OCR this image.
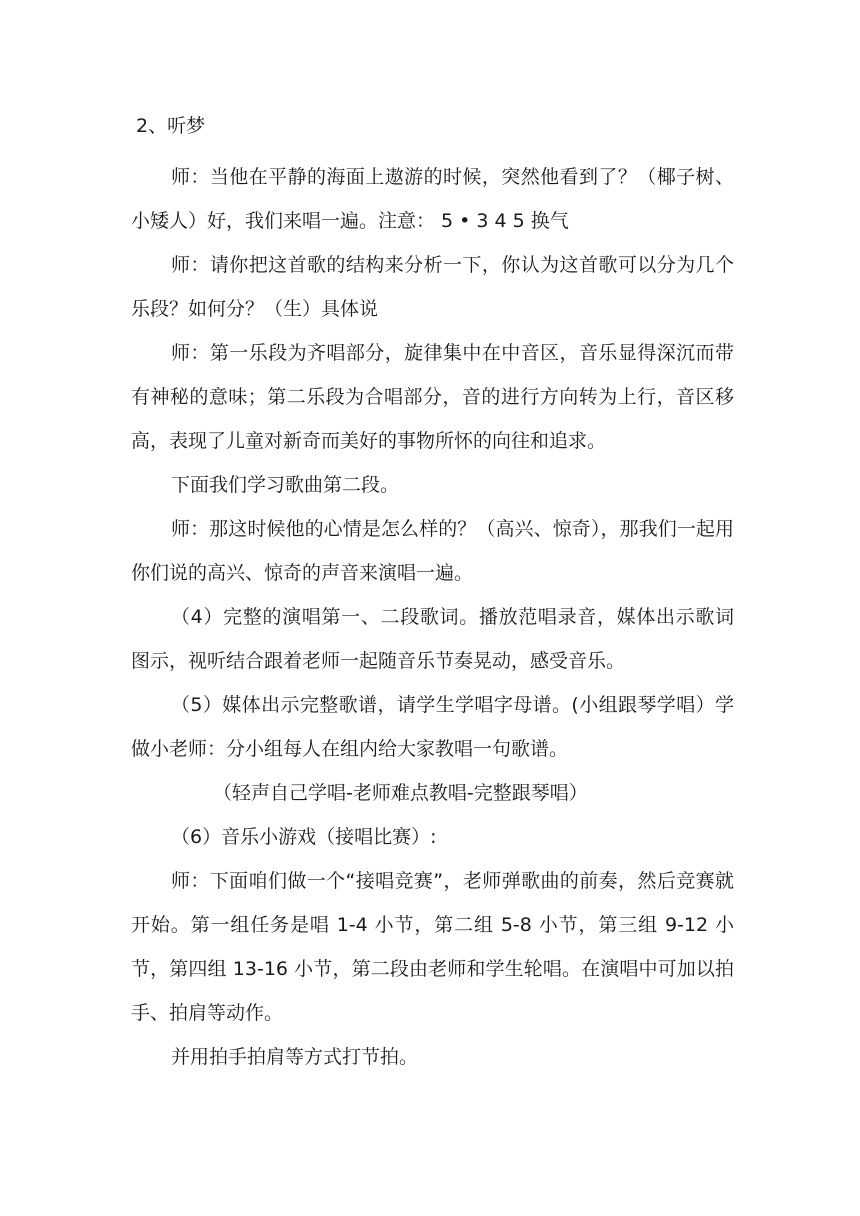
2、听梦

师：当他在平静的海面上遨游的时候，突然他看到了？（椰子树、小矮人）好，我们来唱一遍。注意： 5 • 3 4 5 换气

师：请你把这首歌的结构来分析一下，你认为这首歌可以分为几个乐段？如何分？（生）具体说

师：第一乐段为齐唱部分，旋律集中在中音区，音乐显得深沉而带有神秘的意味；第二乐段为合唱部分，音的进行方向转为上行，音区移高，表现了儿童对新奇而美好的事物所怀的向往和追求。

下面我们学习歌曲第二段。

师：那这时候他的心情是怎么样的？（高兴、惊奇），那我们一起用你们说的高兴、惊奇的声音来演唱一遍。

（4）完整的演唱第一、二段歌词。播放范唱录音，媒体出示歌词图示，视听结合跟着老师一起随音乐节奏晃动，感受音乐。

（5）媒体出示完整歌谱，请学生学唱字母谱。(小组跟琴学唱）学做小老师：分小组每人在组内给大家教唱一句歌谱。

（轻声自己学唱-老师难点教唱-完整跟琴唱）

（6）音乐小游戏（接唱比赛）:

师：下面咱们做一个“接唱竞赛”，老师弹歌曲的前奏，然后竞赛就开始。第一组任务是唱 1-4 小节，第二组 5-8 小节，第三组 9-12 小节，第四组 13-16 小节，第二段由老师和学生轮唱。在演唱中可加以拍手、拍肩等动作。

并用拍手拍肩等方式打节拍。
